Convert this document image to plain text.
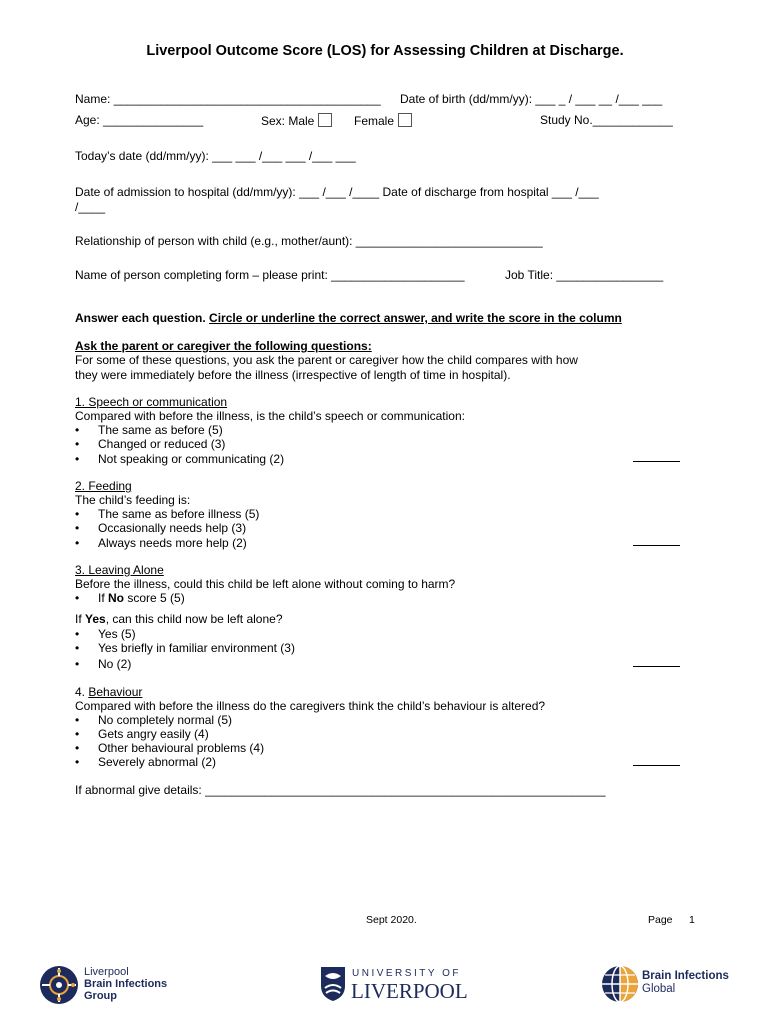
Liverpool Outcome Score (LOS) for Assessing Children at Discharge.
Name: ________________________________________ Date of birth (dd/mm/yy): ___ _ / ___ __ /___ ___
Age: _______________	Sex: Male	Female	Study No.____________
Today’s date (dd/mm/yy): ___ ___ /___ ___ /___ ___
Date of admission to hospital (dd/mm/yy): ___ /___ /____ Date of discharge from hospital ___ /___
/____
Relationship of person with child (e.g., mother/aunt): ____________________________
Name of person completing form – please print: ____________________	Job Title: ________________
Answer each question. Circle or underline the correct answer, and write the score in the column
Ask the parent or caregiver the following questions:
For some of these questions, you ask the parent or caregiver how the child compares with how
they were immediately before the illness (irrespective of length of time in hospital).
1. Speech or communication
Compared with before the illness, is the child’s speech or communication:
• The same as before (5)
• Changed or reduced (3)
• Not speaking or communicating (2)
2. Feeding
The child’s feeding is:
• The same as before illness (5)
• Occasionally needs help (3)
• Always needs more help (2)
3. Leaving Alone
Before the illness, could this child be left alone without coming to harm?
• If No score 5 (5)
If Yes, can this child now be left alone?
• Yes (5)
• Yes briefly in familiar environment (3)
• No (2)
4. Behaviour
Compared with before the illness do the caregivers think the child’s behaviour is altered?
• No completely normal (5)
• Gets angry easily (4)
• Other behavioural problems (4)
• Severely abnormal (2)
If abnormal give details: ____________________________________________________________
Sept 2020.	Page 1
Liverpool
Brain Infections
Group
UNIVERSITY OF
LIVERPOOL
Brain Infections
Global
